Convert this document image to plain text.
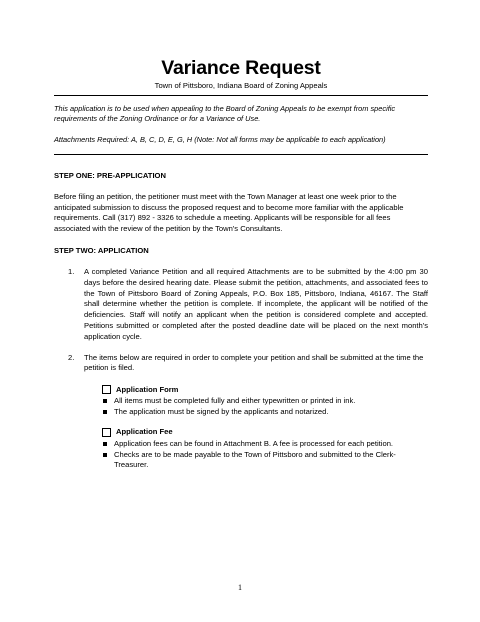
Variance Request
Town of Pittsboro, Indiana Board of Zoning Appeals
This application is to be used when appealing to the Board of Zoning Appeals to be exempt from specific requirements of the Zoning Ordinance or for a Variance of Use.
Attachments Required: A, B, C, D, E, G, H (Note: Not all forms may be applicable to each application)
STEP ONE: PRE-APPLICATION
Before filing an petition, the petitioner must meet with the Town Manager at least one week prior to the anticipated submission to discuss the proposed request and to become more familiar with the applicable requirements. Call (317) 892 - 3326 to schedule a meeting. Applicants will be responsible for all fees associated with the review of the petition by the Town's Consultants.
STEP TWO: APPLICATION
1. A completed Variance Petition and all required Attachments are to be submitted by the 4:00 pm 30 days before the desired hearing date. Please submit the petition, attachments, and associated fees to the Town of Pittsboro Board of Zoning Appeals, P.O. Box 185, Pittsboro, Indiana, 46167. The Staff shall determine whether the petition is complete. If incomplete, the applicant will be notified of the deficiencies. Staff will notify an applicant when the petition is considered complete and accepted. Petitions submitted or completed after the posted deadline date will be placed on the next month's application cycle.
2. The items below are required in order to complete your petition and shall be submitted at the time the petition is filed.
Application Form
All items must be completed fully and either typewritten or printed in ink.
The application must be signed by the applicants and notarized.
Application Fee
Application fees can be found in Attachment B. A fee is processed for each petition.
Checks are to be made payable to the Town of Pittsboro and submitted to the Clerk-Treasurer.
1
